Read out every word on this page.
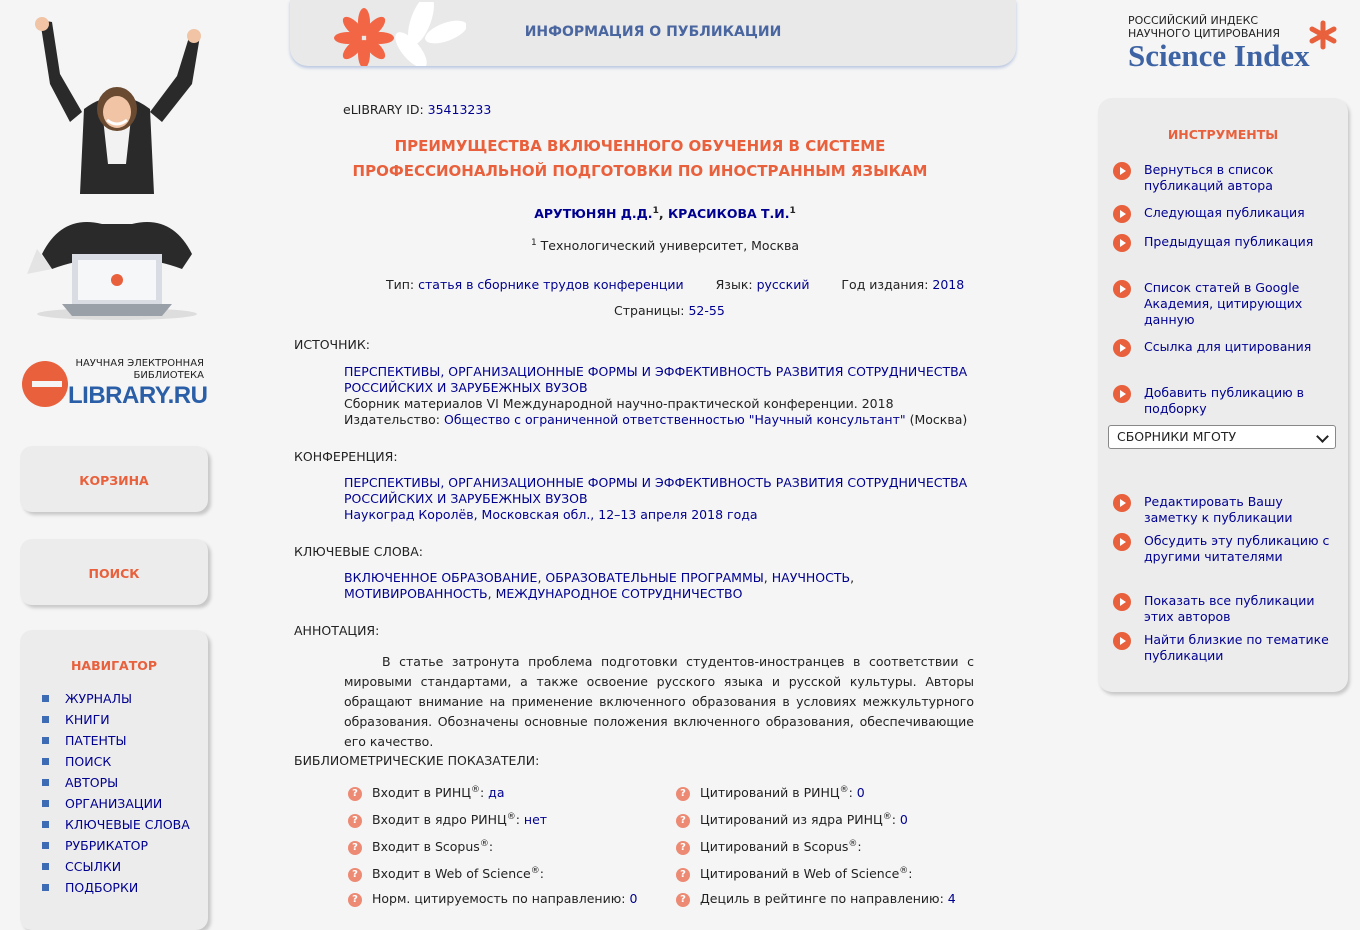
НАУЧНАЯ ЭЛЕКТРОННАЯ
БИБЛИОТЕКА
LIBRARY.RU
КОРЗИНА
ПОИСК
НАВИГАТОР
ЖУРНАЛЫ
КНИГИ
ПАТЕНТЫ
ПОИСК
АВТОРЫ
ОРГАНИЗАЦИИ
КЛЮЧЕВЫЕ СЛОВА
РУБРИКАТОР
ССЫЛКИ
ПОДБОРКИ
ИНФОРМАЦИЯ О ПУБЛИКАЦИИ
eLIBRARY ID: 35413233
ПРЕИМУЩЕСТВА ВКЛЮЧЕННОГО ОБУЧЕНИЯ В СИСТЕМЕ
ПРОФЕССИОНАЛЬНОЙ ПОДГОТОВКИ ПО ИНОСТРАННЫМ ЯЗЫКАМ
АРУТЮНЯН Д.Д.$^1$, КРАСИКОВА Т.И.$^1$
$^1$ Технологический университет, Москва
Тип: статья в сборнике трудов конференции	Язык: русский	Год издания: 2018
Страницы: 52-55
ИСТОЧНИК:
ПЕРСПЕКТИВЫ, ОРГАНИЗАЦИОННЫЕ ФОРМЫ И ЭФФЕКТИВНОСТЬ РАЗВИТИЯ СОТРУДНИЧЕСТВА
РОССИЙСКИХ И ЗАРУБЕЖНЫХ ВУЗОВ
Сборник материалов VI Международной научно-практической конференции. 2018
Издательство: Общество с ограниченной ответственностью "Научный консультант" (Москва)
КОНФЕРЕНЦИЯ:
ПЕРСПЕКТИВЫ, ОРГАНИЗАЦИОННЫЕ ФОРМЫ И ЭФФЕКТИВНОСТЬ РАЗВИТИЯ СОТРУДНИЧЕСТВА
РОССИЙСКИХ И ЗАРУБЕЖНЫХ ВУЗОВ
Наукоград Королёв, Московская обл., 12–13 апреля 2018 года
КЛЮЧЕВЫЕ СЛОВА:
ВКЛЮЧЕННОЕ ОБРАЗОВАНИЕ, ОБРАЗОВАТЕЛЬНЫЕ ПРОГРАММЫ, НАУЧНОСТЬ,
МОТИВИРОВАННОСТЬ, МЕЖДУНАРОДНОЕ СОТРУДНИЧЕСТВО
АННОТАЦИЯ:

В статье затронута проблема подготовки студентов-иностранцев в соответствии с мировыми стандартами, а также освоение русского языка и русской культуры. Авторы обращают внимание на применение включенного образования в условиях межкультурного образования. Обозначены основные положения включенного образования, обеспечивающие его качество.

БИБЛИОМЕТРИЧЕСКИЕ ПОКАЗАТЕЛИ:
? Входит в РИНЦ®: да
? Входит в ядро РИНЦ®: нет
? Входит в Scopus®:
? Входит в Web of Science®:
? Норм. цитируемость по направлению: 0
? Цитирований в РИНЦ®: 0
? Цитирований из ядра РИНЦ®: 0
? Цитирований в Scopus®:
? Цитирований в Web of Science®:
? Дециль в рейтинге по направлению: 4
РОССИЙСКИЙ ИНДЕКС
НАУЧНОГО ЦИТИРОВАНИЯ
Science Index
ИНСТРУМЕНТЫ
Вернуться в список публикаций автора
Следующая публикация
Предыдущая публикация
Список статей в Google Академия, цитирующих данную
Ссылка для цитирования
Добавить публикацию в подборку
СБОРНИКИ МГОТУ
Редактировать Вашу заметку к публикации
Обсудить эту публикацию с другими читателями
Показать все публикации этих авторов
Найти близкие по тематике публикации
